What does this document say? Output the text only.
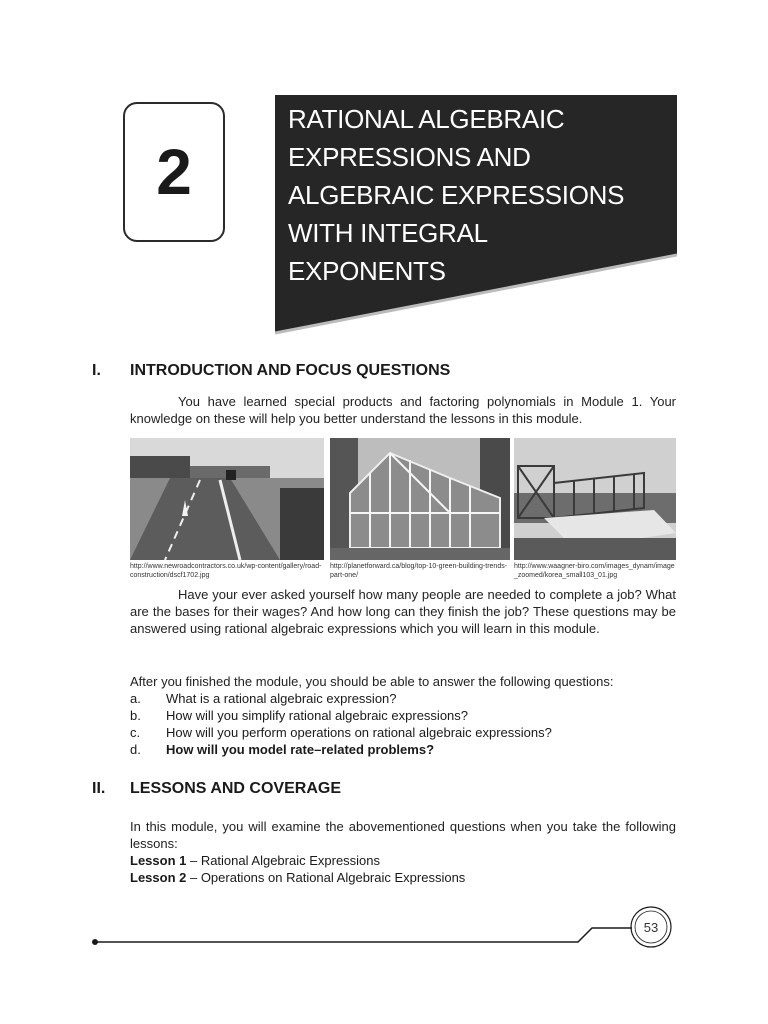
2
RATIONAL ALGEBRAIC
EXPRESSIONS AND
ALGEBRAIC EXPRESSIONS
WITH INTEGRAL
EXPONENTS
I. INTRODUCTION AND FOCUS QUESTIONS
You have learned special products and factoring polynomials in Module 1. Your knowledge on these will help you better understand the lessons in this module.
http://www.newroadcontractors.co.uk/wp-content/gallery/road-construction/dscf1702.jpg
http://planetforward.ca/blog/top-10-green-building-trends-part-one/
http://www.waagner-biro.com/images_dynam/image_zoomed/korea_small103_01.jpg
Have your ever asked yourself how many people are needed to complete a job? What are the bases for their wages? And how long can they finish the job? These questions may be answered using rational algebraic expressions which you will learn in this module.
After you finished the module, you should be able to answer the following questions:
a. What is a rational algebraic expression?
b. How will you simplify rational algebraic expressions?
c. How will you perform operations on rational algebraic expressions?
d. How will you model rate–related problems?
II. LESSONS AND COVERAGE
In this module, you will examine the abovementioned questions when you take the following lessons:
Lesson 1 – Rational Algebraic Expressions
Lesson 2 – Operations on Rational Algebraic Expressions
53
